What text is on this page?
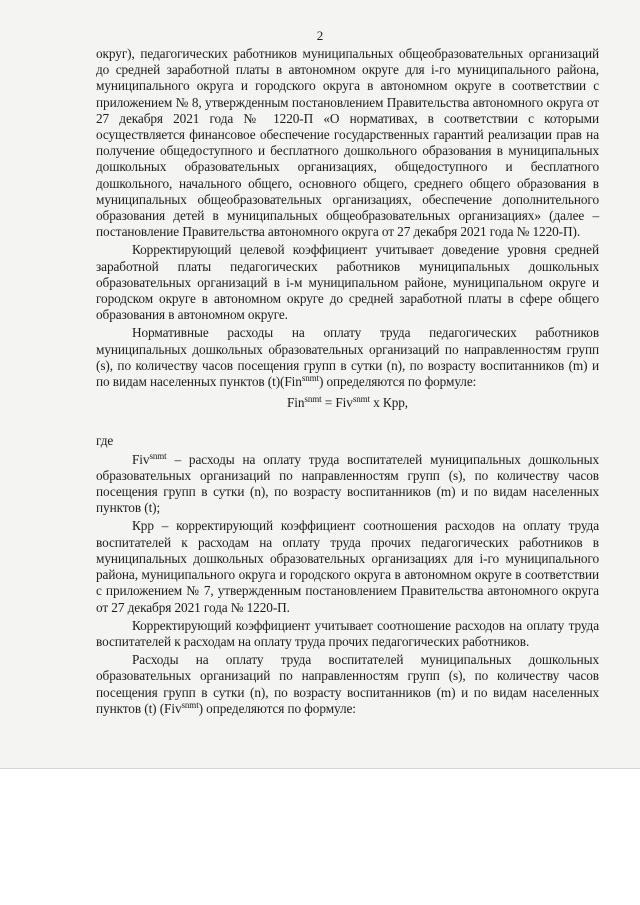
2

округ), педагогических работников муниципальных общеобразовательных организаций до средней заработной платы в автономном округе для i-го муниципального района, муниципального округа и городского округа в автономном округе в соответствии с приложением № 8, утвержденным постановлением Правительства автономного округа от 27 декабря 2021 года № 1220-П «О нормативах, в соответствии с которыми осуществляется финансовое обеспечение государственных гарантий реализации прав на получение общедоступного и бесплатного дошкольного образования в муниципальных дошкольных образовательных организациях, общедоступного и бесплатного дошкольного, начального общего, основного общего, среднего общего образования в муниципальных общеобразовательных организациях, обеспечение дополнительного образования детей в муниципальных общеобразовательных организациях» (далее – постановление Правительства автономного округа от 27 декабря 2021 года № 1220-П).

Корректирующий целевой коэффициент учитывает доведение уровня средней заработной платы педагогических работников муниципальных дошкольных образовательных организаций в i-м муниципальном районе, муниципальном округе и городском округе в автономном округе до средней заработной платы в сфере общего образования в автономном округе.

Нормативные расходы на оплату труда педагогических работников муниципальных дошкольных образовательных организаций по направленностям групп (s), по количеству часов посещения групп в сутки (n), по возрасту воспитанников (m) и по видам населенных пунктов (t)(Fin$^{snmt}$) определяются по формуле:

Fin$^{snmt}$ = Fiv$^{snmt}$ x Кpp,

где

Fiv$^{snmt}$ – расходы на оплату труда воспитателей муниципальных дошкольных образовательных организаций по направленностям групп (s), по количеству часов посещения групп в сутки (n), по возрасту воспитанников (m) и по видам населенных пунктов (t);

Кpp – корректирующий коэффициент соотношения расходов на оплату труда воспитателей к расходам на оплату труда прочих педагогических работников в муниципальных дошкольных образовательных организациях для i-го муниципального района, муниципального округа и городского округа в автономном округе в соответствии с приложением № 7, утвержденным постановлением Правительства автономного округа от 27 декабря 2021 года № 1220-П.

Корректирующий коэффициент учитывает соотношение расходов на оплату труда воспитателей к расходам на оплату труда прочих педагогических работников.

Расходы на оплату труда воспитателей муниципальных дошкольных образовательных организаций по направленностям групп (s), по количеству часов посещения групп в сутки (n), по возрасту воспитанников (m) и по видам населенных пунктов (t) (Fiv$^{snmt}$) определяются по формуле:
